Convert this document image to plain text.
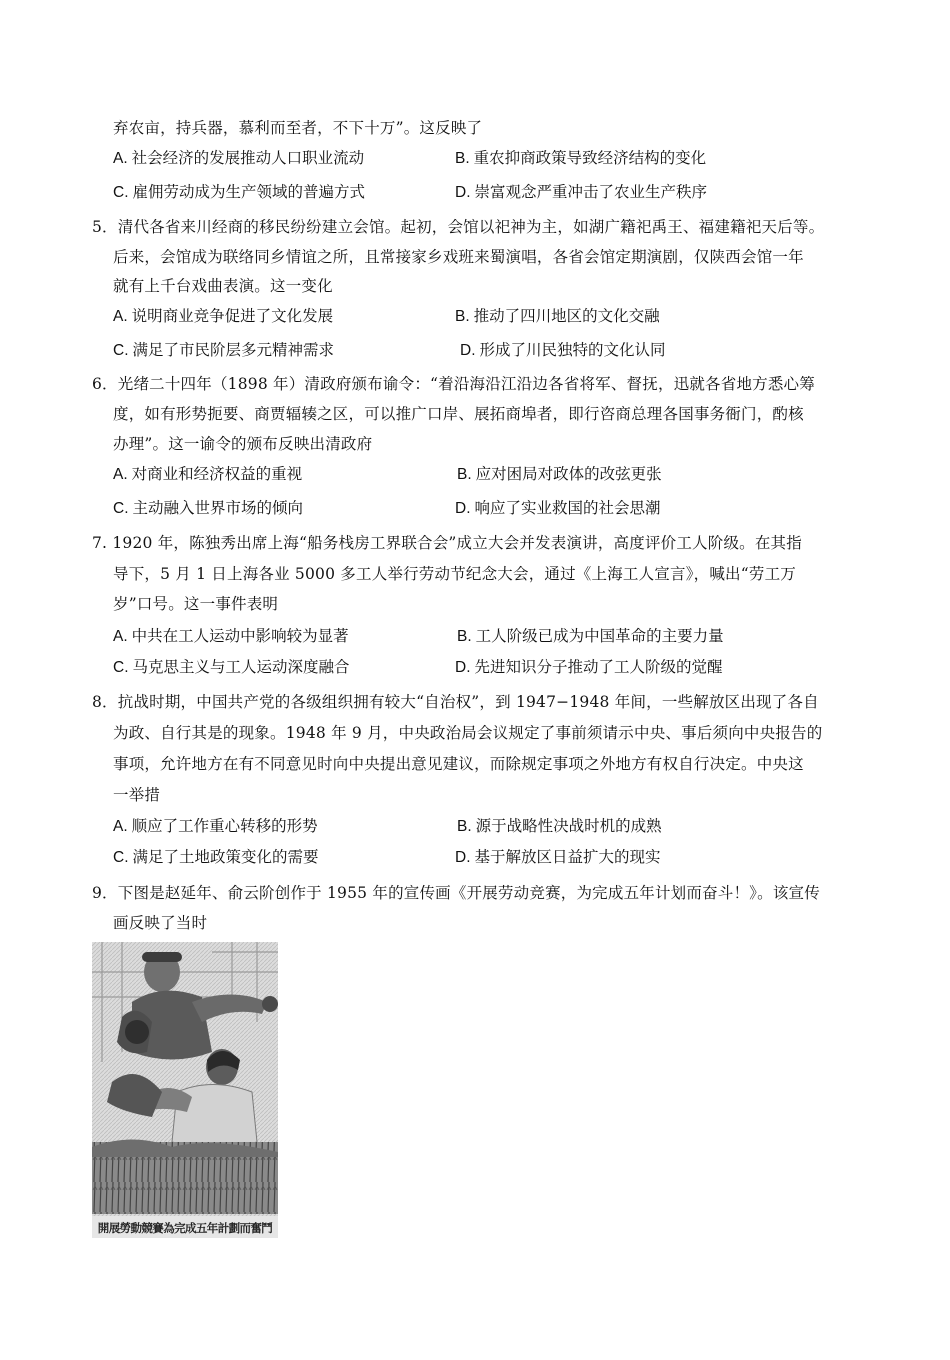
弃农亩，持兵器，慕利而至者，不下十万”。这反映了
A. 社会经济的发展推动人口职业流动	B. 重农抑商政策导致经济结构的变化
C. 雇佣劳动成为生产领域的普遍方式	D. 崇富观念严重冲击了农业生产秩序
5．清代各省来川经商的移民纷纷建立会馆。起初，会馆以祀神为主，如湖广籍祀禹王、福建籍祀天后等。
后来，会馆成为联络同乡情谊之所，且常接家乡戏班来蜀演唱，各省会馆定期演剧，仅陕西会馆一年
就有上千台戏曲表演。这一变化
A. 说明商业竞争促进了文化发展	B. 推动了四川地区的文化交融
C. 满足了市民阶层多元精神需求	D. 形成了川民独特的文化认同
6．光绪二十四年（1898 年）清政府颁布谕令：“着沿海沿江沿边各省将军、督抚，迅就各省地方悉心筹
度，如有形势扼要、商贾辐辏之区，可以推广口岸、展拓商埠者，即行咨商总理各国事务衙门，酌核
办理”。这一谕令的颁布反映出清政府
A. 对商业和经济权益的重视	B. 应对困局对政体的改弦更张
C. 主动融入世界市场的倾向	D. 响应了实业救国的社会思潮
7. 1920 年，陈独秀出席上海“船务栈房工界联合会”成立大会并发表演讲，高度评价工人阶级。在其指
导下，5 月 1 日上海各业 5000 多工人举行劳动节纪念大会，通过《上海工人宣言》，喊出“劳工万
岁”口号。这一事件表明
A. 中共在工人运动中影响较为显著	B. 工人阶级已成为中国革命的主要力量
C. 马克思主义与工人运动深度融合	D. 先进知识分子推动了工人阶级的觉醒
8．抗战时期，中国共产党的各级组织拥有较大“自治权”，到 1947−1948 年间，一些解放区出现了各自
为政、自行其是的现象。1948 年 9 月，中央政治局会议规定了事前须请示中央、事后须向中央报告的
事项，允许地方在有不同意见时向中央提出意见建议，而除规定事项之外地方有权自行决定。中央这
一举措
A. 顺应了工作重心转移的形势	B. 源于战略性决战时机的成熟
C. 满足了土地政策变化的需要	D. 基于解放区日益扩大的现实
9．下图是赵延年、俞云阶创作于 1955 年的宣传画《开展劳动竞赛，为完成五年计划而奋斗！》。该宣传
画反映了当时
開展勞動競賽為完成五年計劃而奮鬥
